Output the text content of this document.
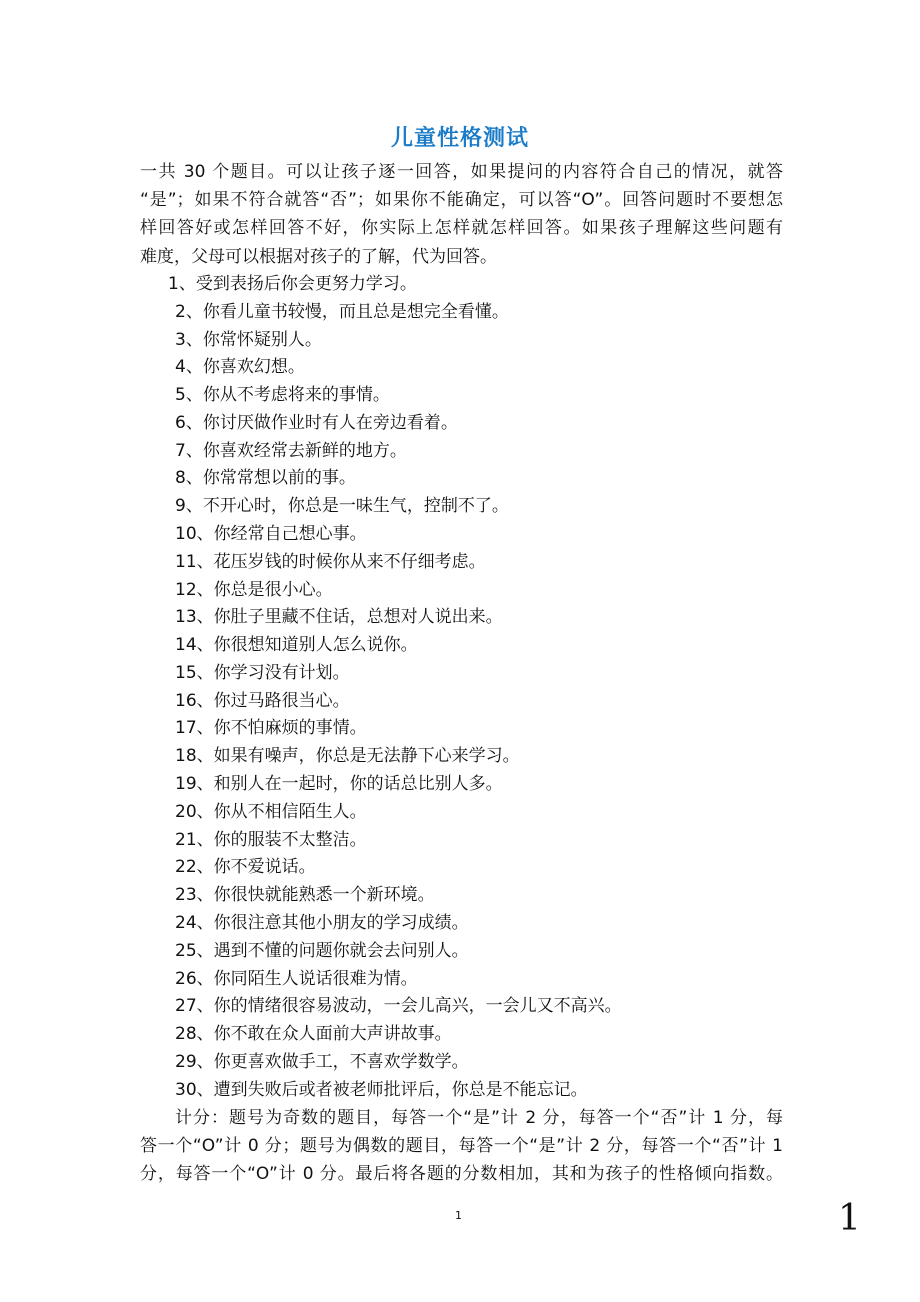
儿童性格测试
一共 30 个题目。可以让孩子逐一回答，如果提问的内容符合自己的情况，就答
“是”；如果不符合就答“否”；如果你不能确定，可以答“O”。回答问题时不要想怎
样回答好或怎样回答不好，你实际上怎样就怎样回答。如果孩子理解这些问题有
难度，父母可以根据对孩子的了解，代为回答。
1、受到表扬后你会更努力学习。
2、你看儿童书较慢，而且总是想完全看懂。
3、你常怀疑别人。
4、你喜欢幻想。
5、你从不考虑将来的事情。
6、你讨厌做作业时有人在旁边看着。
7、你喜欢经常去新鲜的地方。
8、你常常想以前的事。
9、不开心时，你总是一味生气，控制不了。
10、你经常自己想心事。
11、花压岁钱的时候你从来不仔细考虑。
12、你总是很小心。
13、你肚子里藏不住话，总想对人说出来。
14、你很想知道别人怎么说你。
15、你学习没有计划。
16、你过马路很当心。
17、你不怕麻烦的事情。
18、如果有噪声，你总是无法静下心来学习。
19、和别人在一起时，你的话总比别人多。
20、你从不相信陌生人。
21、你的服装不太整洁。
22、你不爱说话。
23、你很快就能熟悉一个新环境。
24、你很注意其他小朋友的学习成绩。
25、遇到不懂的问题你就会去问别人。
26、你同陌生人说话很难为情。
27、你的情绪很容易波动，一会儿高兴，一会儿又不高兴。
28、你不敢在众人面前大声讲故事。
29、你更喜欢做手工，不喜欢学数学。
30、遭到失败后或者被老师批评后，你总是不能忘记。
计分：题号为奇数的题目，每答一个“是”计 2 分，每答一个“否”计 1 分，每
答一个“O”计 0 分；题号为偶数的题目，每答一个“是”计 2 分，每答一个“否”计 1
分，每答一个“O”计 0 分。最后将各题的分数相加，其和为孩子的性格倾向指数。
1	1
